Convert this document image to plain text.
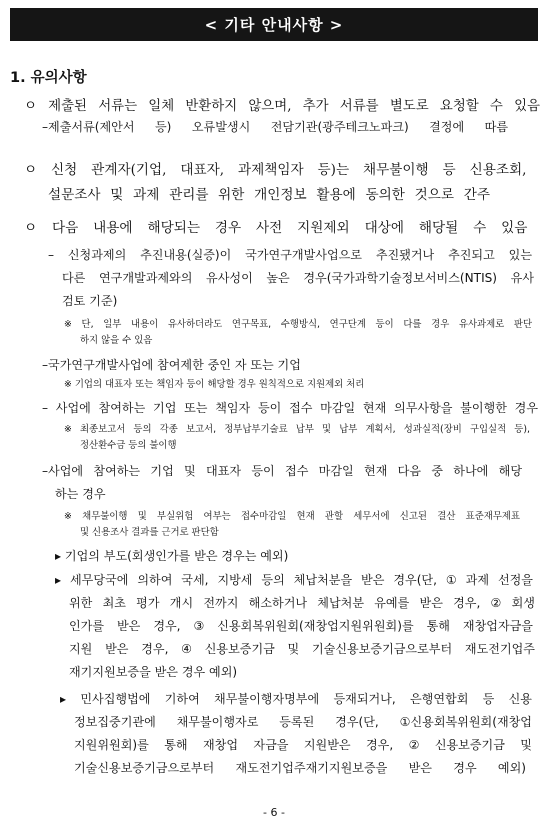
< 기타 안내사항 >
1. 유의사항
ㅇ 제출된 서류는 일체 반환하지 않으며, 추가 서류를 별도로 요청할 수 있음
–제출서류(제안서 등) 오류발생시 전담기관(광주테크노파크) 결정에 따름
ㅇ 신청 관계자(기업, 대표자, 과제책임자 등)는 채무불이행 등 신용조회,
설문조사 및 과제 관리를 위한 개인정보 활용에 동의한 것으로 간주
ㅇ 다음 내용에 해당되는 경우 사전 지원제외 대상에 해당될 수 있음
– 신청과제의 추진내용(실증)이 국가연구개발사업으로 추진됐거나 추진되고 있는
다른 연구개발과제와의 유사성이 높은 경우(국가과학기술정보서비스(NTIS) 유사
검토 기준)
※ 단, 일부 내용이 유사하더라도 연구목표, 수행방식, 연구단계 등이 다를 경우 유사과제로 판단
하지 않을 수 있음
–국가연구개발사업에 참여제한 중인 자 또는 기업
※ 기업의 대표자 또는 책임자 등이 해당할 경우 원칙적으로 지원제외 처리
– 사업에 참여하는 기업 또는 책임자 등이 접수 마감일 현재 의무사항을 불이행한 경우
※ 최종보고서 등의 각종 보고서, 정부납부기술료 납부 및 납부 계획서, 성과실적(장비 구입실적 등),
정산환수금 등의 불이행
–사업에 참여하는 기업 및 대표자 등이 접수 마감일 현재 다음 중 하나에 해당
하는 경우
※ 채무불이행 및 부실위험 여부는 접수마감일 현재 관할 세무서에 신고된 결산 표준재무제표
및 신용조사 결과를 근거로 판단함
▸ 기업의 부도(회생인가를 받은 경우는 예외)
▸ 세무당국에 의하여 국세, 지방세 등의 체납처분을 받은 경우(단, ① 과제 선정을
위한 최초 평가 개시 전까지 해소하거나 체납처분 유예를 받은 경우, ② 회생
인가를 받은 경우, ③ 신용회복위원회(재창업지원위원회)를 통해 재창업자금을
지원 받은 경우, ④ 신용보증기금 및 기술신용보증기금으로부터 재도전기업주
재기지원보증을 받은 경우 예외)
▸ 민사집행법에 기하여 채무불이행자명부에 등재되거나, 은행연합회 등 신용
정보집중기관에 채무불이행자로 등록된 경우(단, ①신용회복위원회(재창업
지원위원회)를 통해 재창업 자금을 지원받은 경우, ② 신용보증기금 및
기술신용보증기금으로부터 재도전기업주재기지원보증을 받은 경우 예외)
- 6 -
